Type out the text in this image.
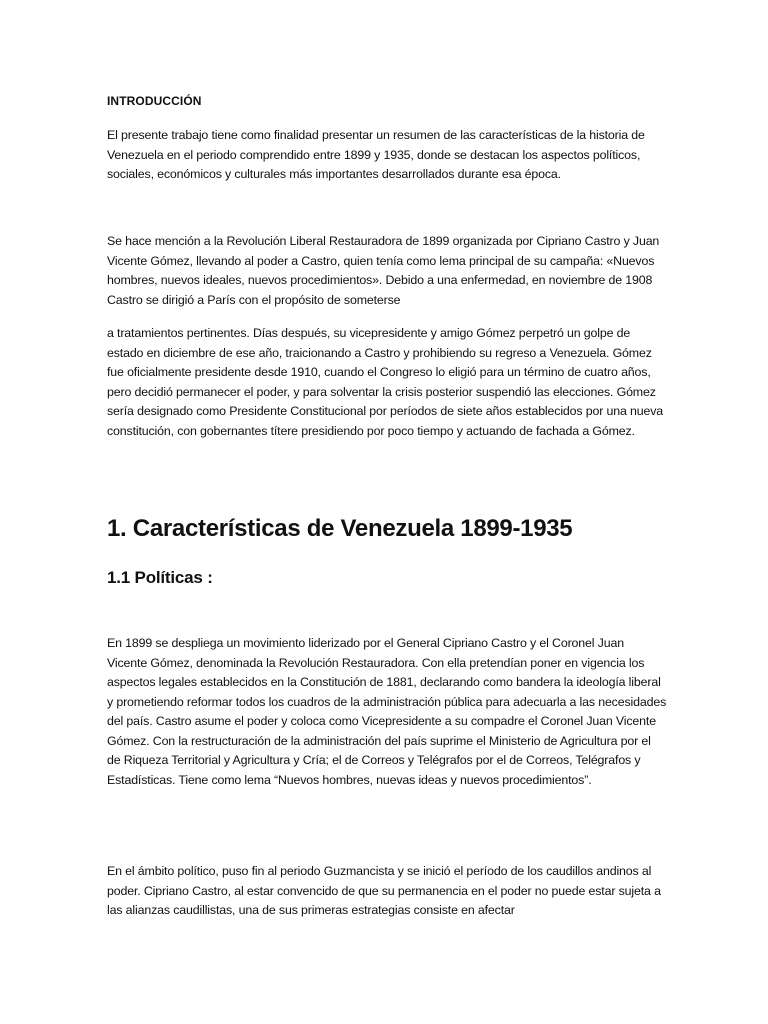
INTRODUCCIÓN

El presente trabajo tiene como finalidad presentar un resumen de las características de la historia de Venezuela en el periodo comprendido entre 1899 y 1935, donde se destacan los aspectos políticos, sociales, económicos y culturales más importantes desarrollados durante esa época.

Se hace mención a la Revolución Liberal Restauradora de 1899 organizada por Cipriano Castro y Juan Vicente Gómez, llevando al poder a Castro, quien tenía como lema principal de su campaña: «Nuevos hombres, nuevos ideales, nuevos procedimientos». Debido a una enfermedad, en noviembre de 1908 Castro se dirigió a París con el propósito de someterse

a tratamientos pertinentes. Días después, su vicepresidente y amigo Gómez perpetró un golpe de estado en diciembre de ese año, traicionando a Castro y prohibiendo su regreso a Venezuela. Gómez fue oficialmente presidente desde 1910, cuando el Congreso lo eligió para un término de cuatro años, pero decidió permanecer el poder, y para solventar la crisis posterior suspendió las elecciones. Gómez sería designado como Presidente Constitucional por períodos de siete años establecidos por una nueva constitución, con gobernantes títere presidiendo por poco tiempo y actuando de fachada a Gómez.

1. Características de Venezuela 1899-1935
1.1 Políticas :

En 1899 se despliega un movimiento liderizado por el General Cipriano Castro y el Coronel Juan Vicente Gómez, denominada la Revolución Restauradora. Con ella pretendían poner en vigencia los aspectos legales establecidos en la Constitución de 1881, declarando como bandera la ideología liberal y prometiendo reformar todos los cuadros de la administración pública para adecuarla a las necesidades del país. Castro asume el poder y coloca como Vicepresidente a su compadre el Coronel Juan Vicente Gómez. Con la restructuración de la administración del país suprime el Ministerio de Agricultura por el de Riqueza Territorial y Agricultura y Cría; el de Correos y Telégrafos por el de Correos, Telégrafos y Estadísticas. Tiene como lema “Nuevos hombres, nuevas ideas y nuevos procedimientos”.

En el ámbito político, puso fin al periodo Guzmancista y se inició el período de los caudillos andinos al poder. Cipriano Castro, al estar convencido de que su permanencia en el poder no puede estar sujeta a las alianzas caudillistas, una de sus primeras estrategias consiste en afectar
